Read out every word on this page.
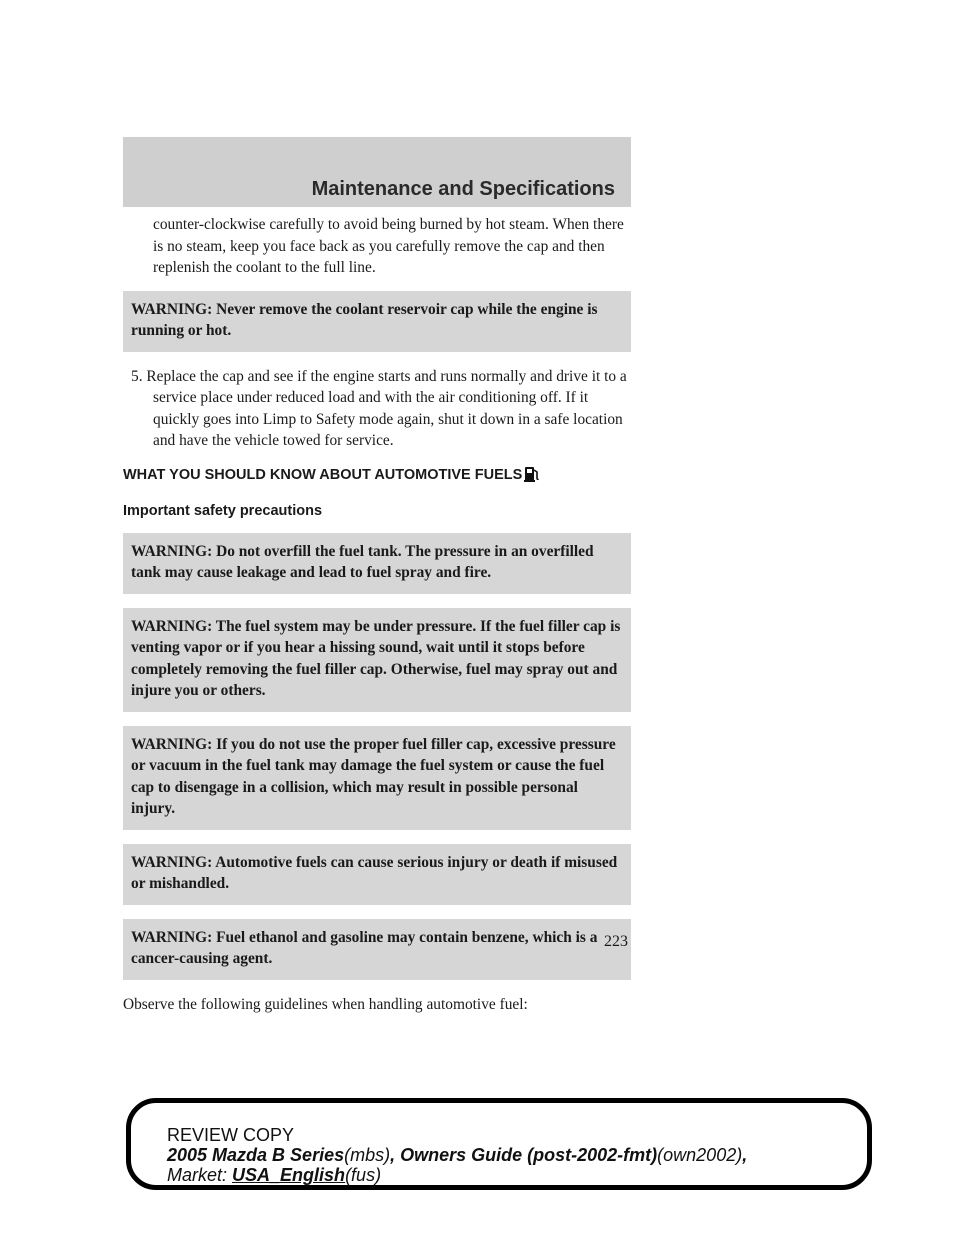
Maintenance and Specifications

counter-clockwise carefully to avoid being burned by hot steam. When there is no steam, keep you face back as you carefully remove the cap and then replenish the coolant to the full line.

WARNING: Never remove the coolant reservoir cap while the engine is running or hot.

5. Replace the cap and see if the engine starts and runs normally and drive it to a service place under reduced load and with the air conditioning off. If it quickly goes into Limp to Safety mode again, shut it down in a safe location and have the vehicle towed for service.

WHAT YOU SHOULD KNOW ABOUT AUTOMOTIVE FUELS
Important safety precautions
WARNING: Do not overfill the fuel tank. The pressure in an overfilled tank may cause leakage and lead to fuel spray and fire.
WARNING: The fuel system may be under pressure. If the fuel filler cap is venting vapor or if you hear a hissing sound, wait until it stops before completely removing the fuel filler cap. Otherwise, fuel may spray out and injure you or others.
WARNING: If you do not use the proper fuel filler cap, excessive pressure or vacuum in the fuel tank may damage the fuel system or cause the fuel cap to disengage in a collision, which may result in possible personal injury.
WARNING: Automotive fuels can cause serious injury or death if misused or mishandled.
WARNING: Fuel ethanol and gasoline may contain benzene, which is a cancer-causing agent.

Observe the following guidelines when handling automotive fuel:

223
REVIEW COPY
2005 Mazda B Series(mbs), Owners Guide (post-2002-fmt)(own2002),
Market: USA_English(fus)
